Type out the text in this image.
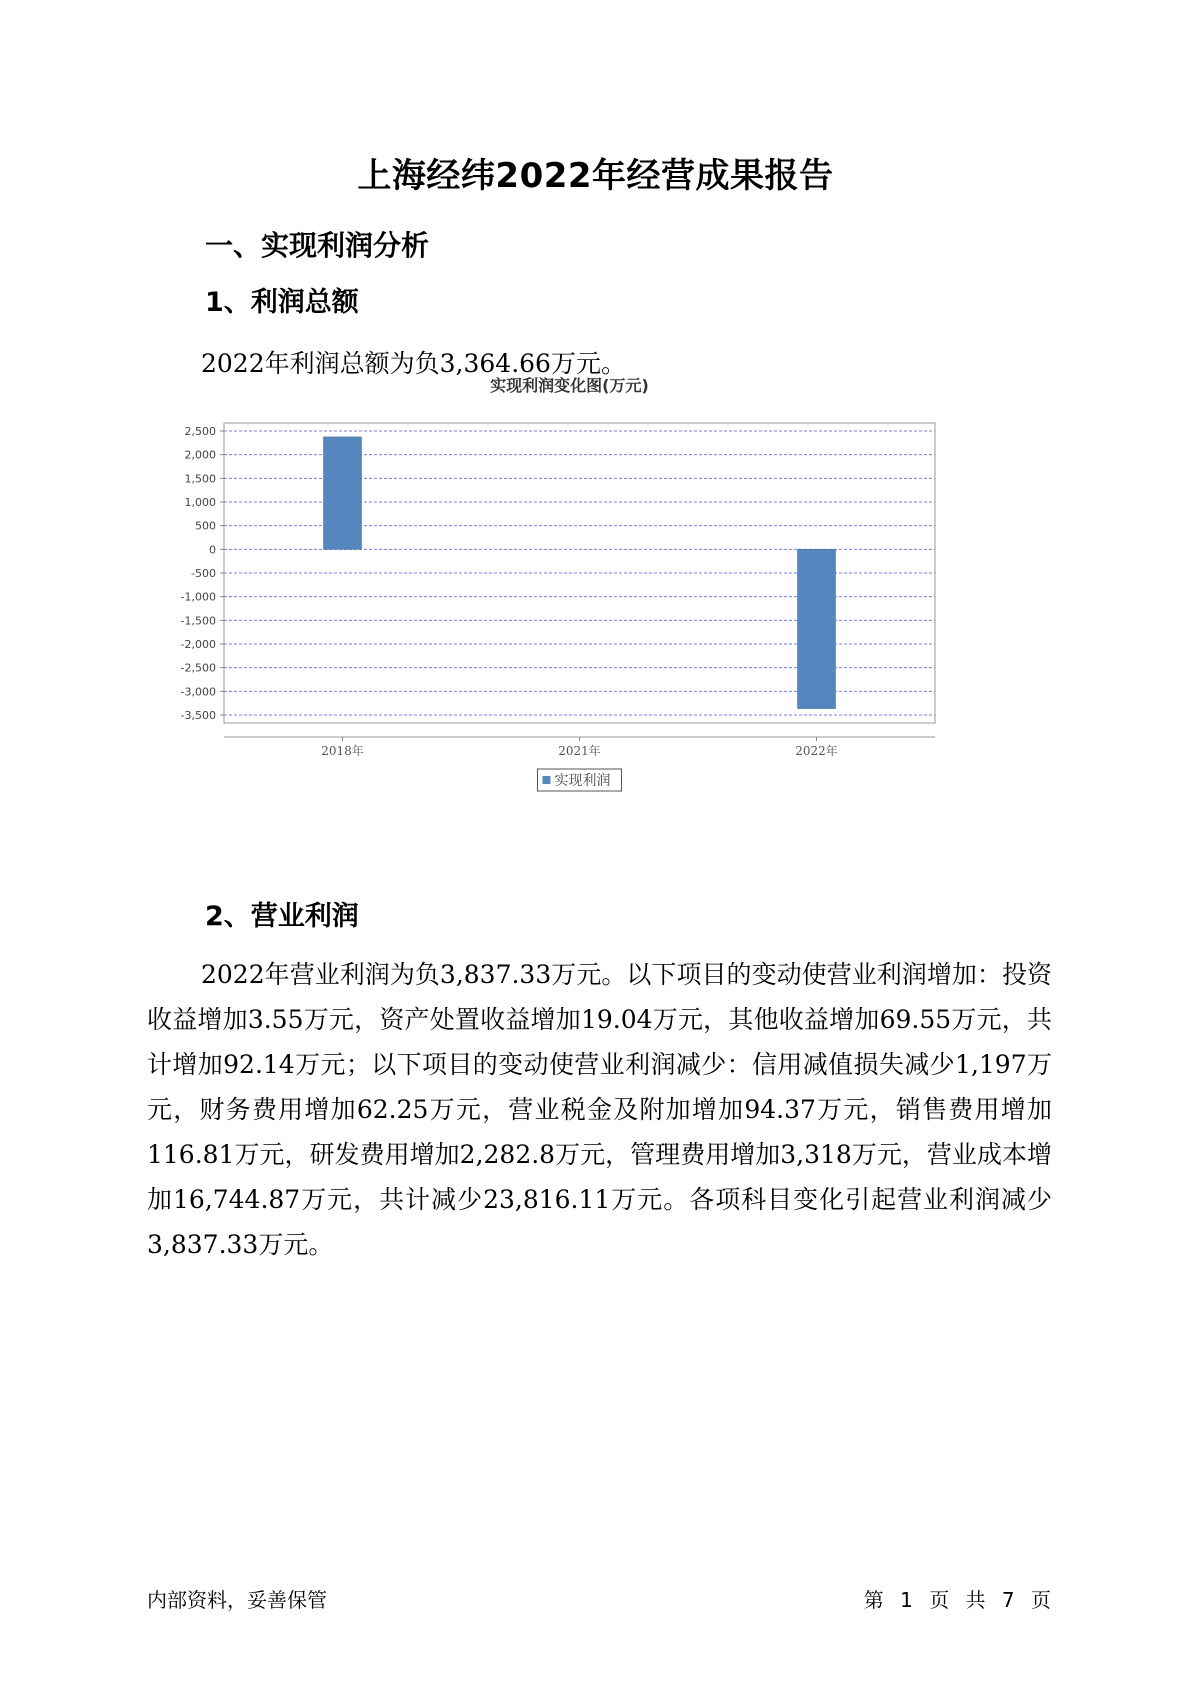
上海经纬2022年经营成果报告
一、实现利润分析
1、利润总额

2022年利润总额为负3,364.66万元。

实现利润变化图(万元)
2,500
2,000
1,500
1,000
500
0
-500
-1,000
-1,500
-2,000
-2,500
-3,000
-3,500
2018年	2021年	2022年
实现利润
2、营业利润

2022年营业利润为负3,837.33万元。以下项目的变动使营业利润增加：投资收益增加3.55万元，资产处置收益增加19.04万元，其他收益增加69.55万元，共计增加92.14万元；以下项目的变动使营业利润减少：信用减值损失减少1,197万元，财务费用增加62.25万元，营业税金及附加增加94.37万元，销售费用增加116.81万元，研发费用增加2,282.8万元，管理费用增加3,318万元，营业成本增加16,744.87万元，共计减少23,816.11万元。各项科目变化引起营业利润减少3,837.33万元。

内部资料，妥善保管	第 1 页 共 7 页
